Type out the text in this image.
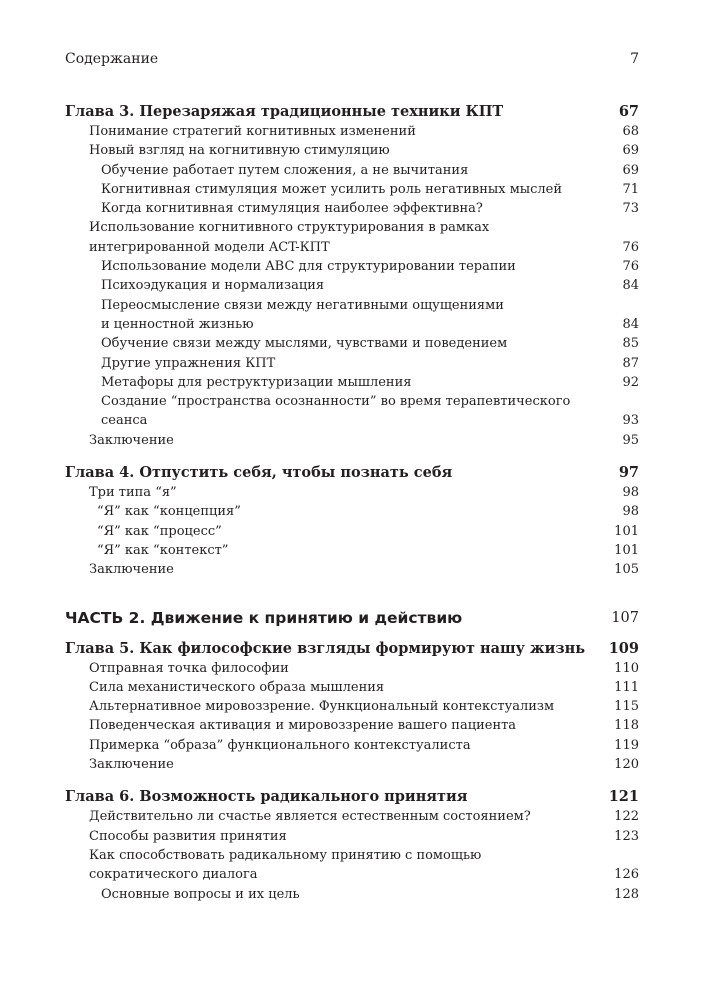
Содержание	7
Глава 3. Перезаряжая традиционные техники КПТ	67
Понимание стратегий когнитивных изменений	68
Новый взгляд на когнитивную стимуляцию	69
Обучение работает путем сложения, а не вычитания	69
Когнитивная стимуляция может усилить роль негативных мыслей	71
Когда когнитивная стимуляция наиболее эффективна?	73
Использование когнитивного структурирования в рамках
интегрированной модели ACT-КПТ	76
Использование модели ABC для структурировании терапии	76
Психоэдукация и нормализация	84
Переосмысление связи между негативными ощущениями
и ценностной жизнью	84
Обучение связи между мыслями, чувствами и поведением	85
Другие упражнения КПТ	87
Метафоры для реструктуризации мышления	92
Создание “пространства осознанности” во время терапевтического сеанса	93
Заключение	95
Глава 4. Отпустить себя, чтобы познать себя	97
Три типа “я”	98
“Я” как “концепция”	98
“Я” как “процесс”	101
“Я” как “контекст”	101
Заключение	105
ЧАСТЬ 2. Движение к принятию и действию	107
Глава 5. Как философские взгляды формируют нашу жизнь	109
Отправная точка философии	110
Сила механистического образа мышления	111
Альтернативное мировоззрение. Функциональный контекстуализм	115
Поведенческая активация и мировоззрение вашего пациента	118
Примерка “образа” функционального контекстуалиста	119
Заключение	120
Глава 6. Возможность радикального принятия	121
Действительно ли счастье является естественным состоянием?	122
Способы развития принятия	123
Как способствовать радикальному принятию с помощью
сократического диалога	126
Основные вопросы и их цель	128
